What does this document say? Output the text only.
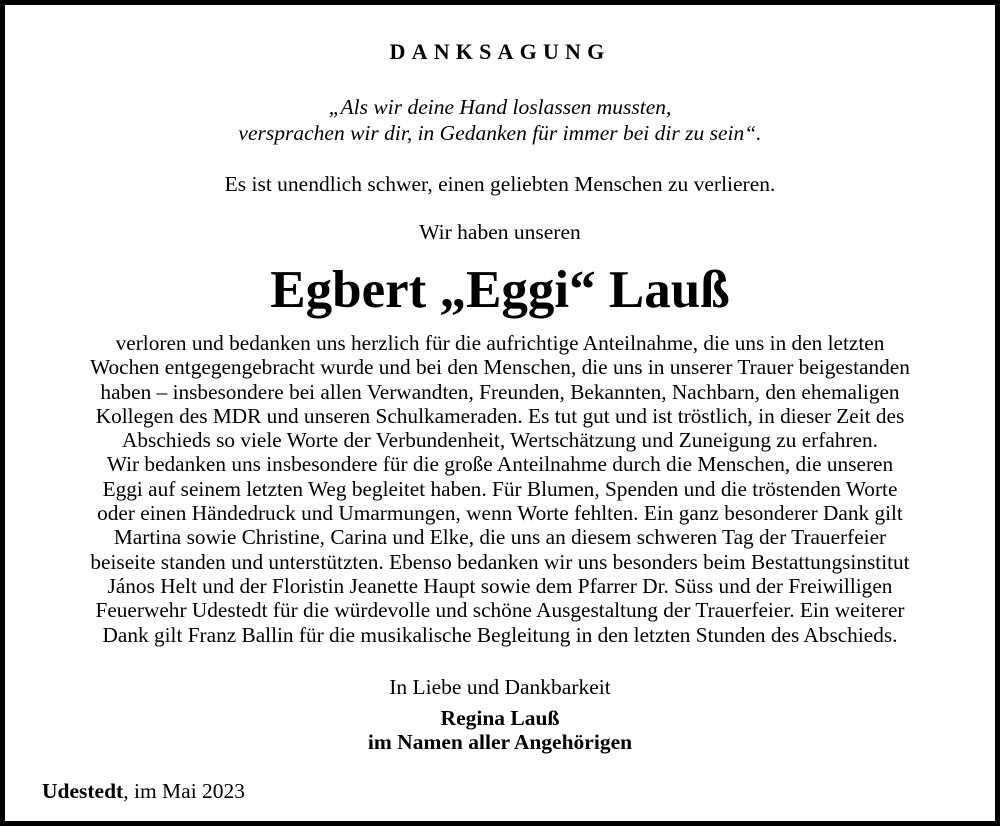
DANKSAGUNG
„Als wir deine Hand loslassen mussten,
versprachen wir dir, in Gedanken für immer bei dir zu sein“.
Es ist unendlich schwer, einen geliebten Menschen zu verlieren.
Wir haben unseren
Egbert „Eggi“ Lauß
verloren und bedanken uns herzlich für die aufrichtige Anteilnahme, die uns in den letzten
Wochen entgegengebracht wurde und bei den Menschen, die uns in unserer Trauer beigestanden
haben – insbesondere bei allen Verwandten, Freunden, Bekannten, Nachbarn, den ehemaligen
Kollegen des MDR und unseren Schulkameraden. Es tut gut und ist tröstlich, in dieser Zeit des
Abschieds so viele Worte der Verbundenheit, Wertschätzung und Zuneigung zu erfahren.
Wir bedanken uns insbesondere für die große Anteilnahme durch die Menschen, die unseren
Eggi auf seinem letzten Weg begleitet haben. Für Blumen, Spenden und die tröstenden Worte
oder einen Händedruck und Umarmungen, wenn Worte fehlten. Ein ganz besonderer Dank gilt
Martina sowie Christine, Carina und Elke, die uns an diesem schweren Tag der Trauerfeier
beiseite standen und unterstützten. Ebenso bedanken wir uns besonders beim Bestattungsinstitut
János Helt und der Floristin Jeanette Haupt sowie dem Pfarrer Dr. Süss und der Freiwilligen
Feuerwehr Udestedt für die würdevolle und schöne Ausgestaltung der Trauerfeier. Ein weiterer
Dank gilt Franz Ballin für die musikalische Begleitung in den letzten Stunden des Abschieds.
In Liebe und Dankbarkeit
Regina Lauß
im Namen aller Angehörigen
Udestedt, im Mai 2023
